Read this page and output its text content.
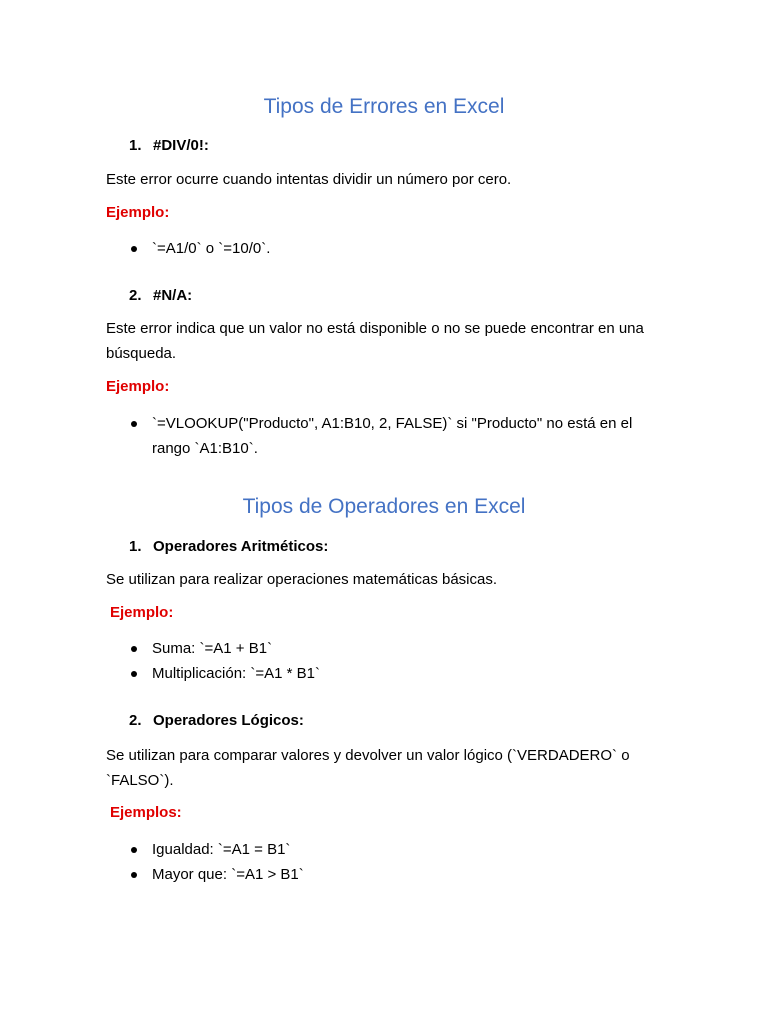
Tipos de Errores en Excel
1. #DIV/0!:
Este error ocurre cuando intentas dividir un número por cero.
Ejemplo:
`=A1/0` o `=10/0`.
2. #N/A:
Este error indica que un valor no está disponible o no se puede encontrar en una búsqueda.
Ejemplo:
`=VLOOKUP("Producto", A1:B10, 2, FALSE)` si "Producto" no está en el rango `A1:B10`.
Tipos de Operadores en Excel
1. Operadores Aritméticos:
Se utilizan para realizar operaciones matemáticas básicas.
Ejemplo:
Suma: `=A1 + B1`
Multiplicación: `=A1 * B1`
2. Operadores Lógicos:
Se utilizan para comparar valores y devolver un valor lógico (`VERDADERO` o `FALSO`).
Ejemplos:
Igualdad: `=A1 = B1`
Mayor que: `=A1 > B1`
